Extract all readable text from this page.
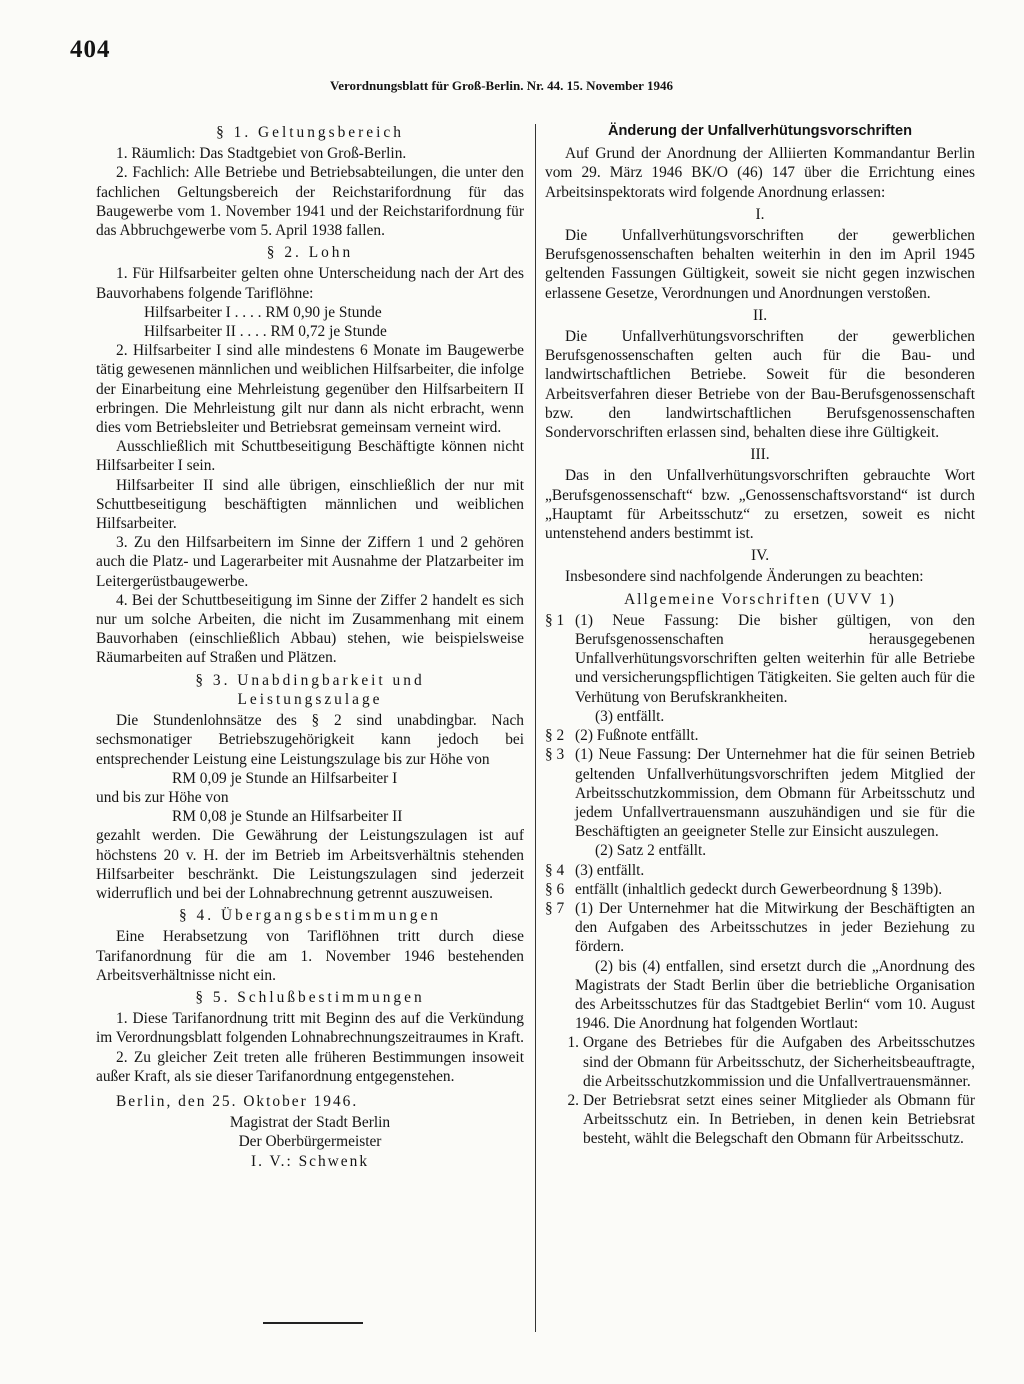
404
Verordnungsblatt für Groß-Berlin. Nr. 44. 15. November 1946

§ 1. Geltungsbereich

1. Räumlich: Das Stadtgebiet von Groß-Berlin.

2. Fachlich: Alle Betriebe und Betriebsabteilungen, die unter den fachlichen Geltungsbereich der Reichstarifordnung für das Baugewerbe vom 1. November 1941 und der Reichstarifordnung für das Abbruchgewerbe vom 5. April 1938 fallen.

§ 2. Lohn

1. Für Hilfsarbeiter gelten ohne Unterscheidung nach der Art des Bauvorhabens folgende Tariflöhne:

Hilfsarbeiter I . . . . RM 0,90 je Stunde

Hilfsarbeiter II . . . . RM 0,72 je Stunde

2. Hilfsarbeiter I sind alle mindestens 6 Monate im Baugewerbe tätig gewesenen männlichen und weiblichen Hilfsarbeiter, die infolge der Einarbeitung eine Mehrleistung gegenüber den Hilfsarbeitern II erbringen. Die Mehrleistung gilt nur dann als nicht erbracht, wenn dies vom Betriebsleiter und Betriebsrat gemeinsam verneint wird.

Ausschließlich mit Schuttbeseitigung Beschäftigte können nicht Hilfsarbeiter I sein.

Hilfsarbeiter II sind alle übrigen, einschließlich der nur mit Schuttbeseitigung beschäftigten männlichen und weiblichen Hilfsarbeiter.

3. Zu den Hilfsarbeitern im Sinne der Ziffern 1 und 2 gehören auch die Platz- und Lagerarbeiter mit Ausnahme der Platzarbeiter im Leitergerüstbaugewerbe.

4. Bei der Schuttbeseitigung im Sinne der Ziffer 2 handelt es sich nur um solche Arbeiten, die nicht im Zusammenhang mit einem Bauvorhaben (einschließlich Abbau) stehen, wie beispielsweise Räumarbeiten auf Straßen und Plätzen.

§ 3. Unabdingbarkeit und

Leistungszulage

Die Stundenlohnsätze des § 2 sind unabdingbar. Nach sechsmonatiger Betriebszugehörigkeit kann jedoch bei entsprechender Leistung eine Leistungszulage bis zur Höhe von

RM 0,09 je Stunde an Hilfsarbeiter I

und bis zur Höhe von

RM 0,08 je Stunde an Hilfsarbeiter II

gezahlt werden. Die Gewährung der Leistungszulagen ist auf höchstens 20 v. H. der im Betrieb im Arbeitsverhältnis stehenden Hilfsarbeiter beschränkt. Die Leistungszulagen sind jederzeit widerruflich und bei der Lohnabrechnung getrennt auszuweisen.

§ 4. Übergangsbestimmungen

Eine Herabsetzung von Tariflöhnen tritt durch diese Tarifanordnung für die am 1. November 1946 bestehenden Arbeitsverhältnisse nicht ein.

§ 5. Schlußbestimmungen

1. Diese Tarifanordnung tritt mit Beginn des auf die Verkündung im Verordnungsblatt folgenden Lohnabrechnungszeitraumes in Kraft.

2. Zu gleicher Zeit treten alle früheren Bestimmungen insoweit außer Kraft, als sie dieser Tarifanordnung entgegenstehen.

Berlin, den 25. Oktober 1946.

Magistrat der Stadt Berlin

Der Oberbürgermeister

I. V.: Schwenk

Änderung der Unfallverhütungsvorschriften

Auf Grund der Anordnung der Alliierten Kommandantur Berlin vom 29. März 1946 BK/O (46) 147 über die Errichtung eines Arbeitsinspektorats wird folgende Anordnung erlassen:

I.

Die Unfallverhütungsvorschriften der gewerblichen Berufsgenossenschaften behalten weiterhin in den im April 1945 geltenden Fassungen Gültigkeit, soweit sie nicht gegen inzwischen erlassene Gesetze, Verordnungen und Anordnungen verstoßen.

II.

Die Unfallverhütungsvorschriften der gewerblichen Berufsgenossenschaften gelten auch für die Bau- und landwirtschaftlichen Betriebe. Soweit für die besonderen Arbeitsverfahren dieser Betriebe von der Bau-Berufsgenossenschaft bzw. den landwirtschaftlichen Berufsgenossenschaften Sondervorschriften erlassen sind, behalten diese ihre Gültigkeit.

III.

Das in den Unfallverhütungsvorschriften gebrauchte Wort „Berufsgenossenschaft“ bzw. „Genossenschaftsvorstand“ ist durch „Hauptamt für Arbeitsschutz“ zu ersetzen, soweit es nicht untenstehend anders bestimmt ist.

IV.

Insbesondere sind nachfolgende Änderungen zu beachten:

Allgemeine Vorschriften (UVV 1)

§ 1 (1) Neue Fassung: Die bisher gültigen, von den Berufsgenossenschaften herausgegebenen Unfallverhütungsvorschriften gelten weiterhin für alle Betriebe und versicherungspflichtigen Tätigkeiten. Sie gelten auch für die Verhütung von Berufskrankheiten.

(3) entfällt.

§ 2 (2) Fußnote entfällt.
§ 3 (1) Neue Fassung: Der Unternehmer hat die für seinen Betrieb geltenden Unfallverhütungsvorschriften jedem Mitglied der Arbeitsschutzkommission, dem Obmann für Arbeitsschutz und jedem Unfallvertrauensmann auszuhändigen und sie für die Beschäftigten an geeigneter Stelle zur Einsicht auszulegen.

(2) Satz 2 entfällt.

§ 4 (3) entfällt.
§ 6 entfällt (inhaltlich gedeckt durch Gewerbeordnung § 139b).
§ 7 (1) Der Unternehmer hat die Mitwirkung der Beschäftigten an den Aufgaben des Arbeitsschutzes in jeder Beziehung zu fördern.

(2) bis (4) entfallen, sind ersetzt durch die „Anordnung des Magistrats der Stadt Berlin über die betriebliche Organisation des Arbeitsschutzes für das Stadtgebiet Berlin“ vom 10. August 1946. Die Anordnung hat folgenden Wortlaut:

1. Organe des Betriebes für die Aufgaben des Arbeitsschutzes sind der Obmann für Arbeitsschutz, der Sicherheitsbeauftragte, die Arbeitsschutzkommission und die Unfallvertrauensmänner.
2. Der Betriebsrat setzt eines seiner Mitglieder als Obmann für Arbeitsschutz ein. In Betrieben, in denen kein Betriebsrat besteht, wählt die Belegschaft den Obmann für Arbeitsschutz.
